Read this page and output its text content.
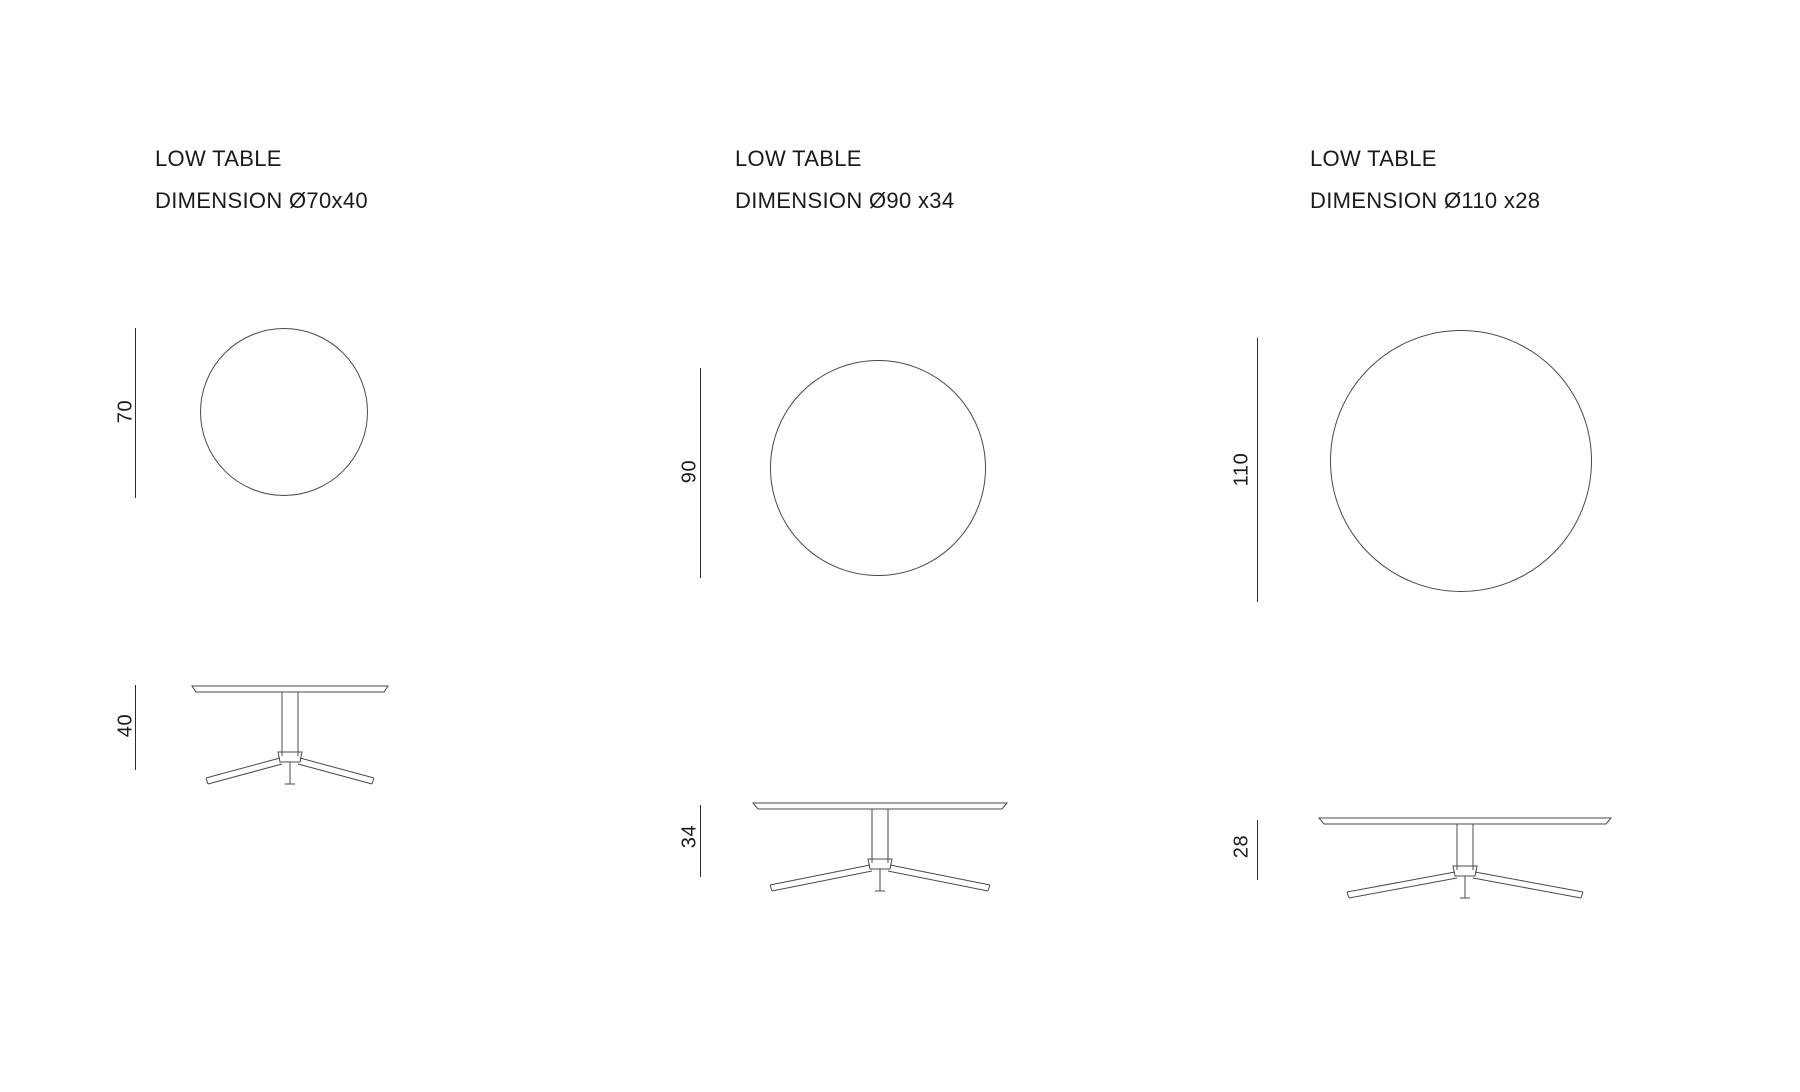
LOW TABLE
DIMENSION Ø70x40
70
40
LOW TABLE
DIMENSION Ø90 x34
90
34
LOW TABLE
DIMENSION Ø110 x28
110
28
